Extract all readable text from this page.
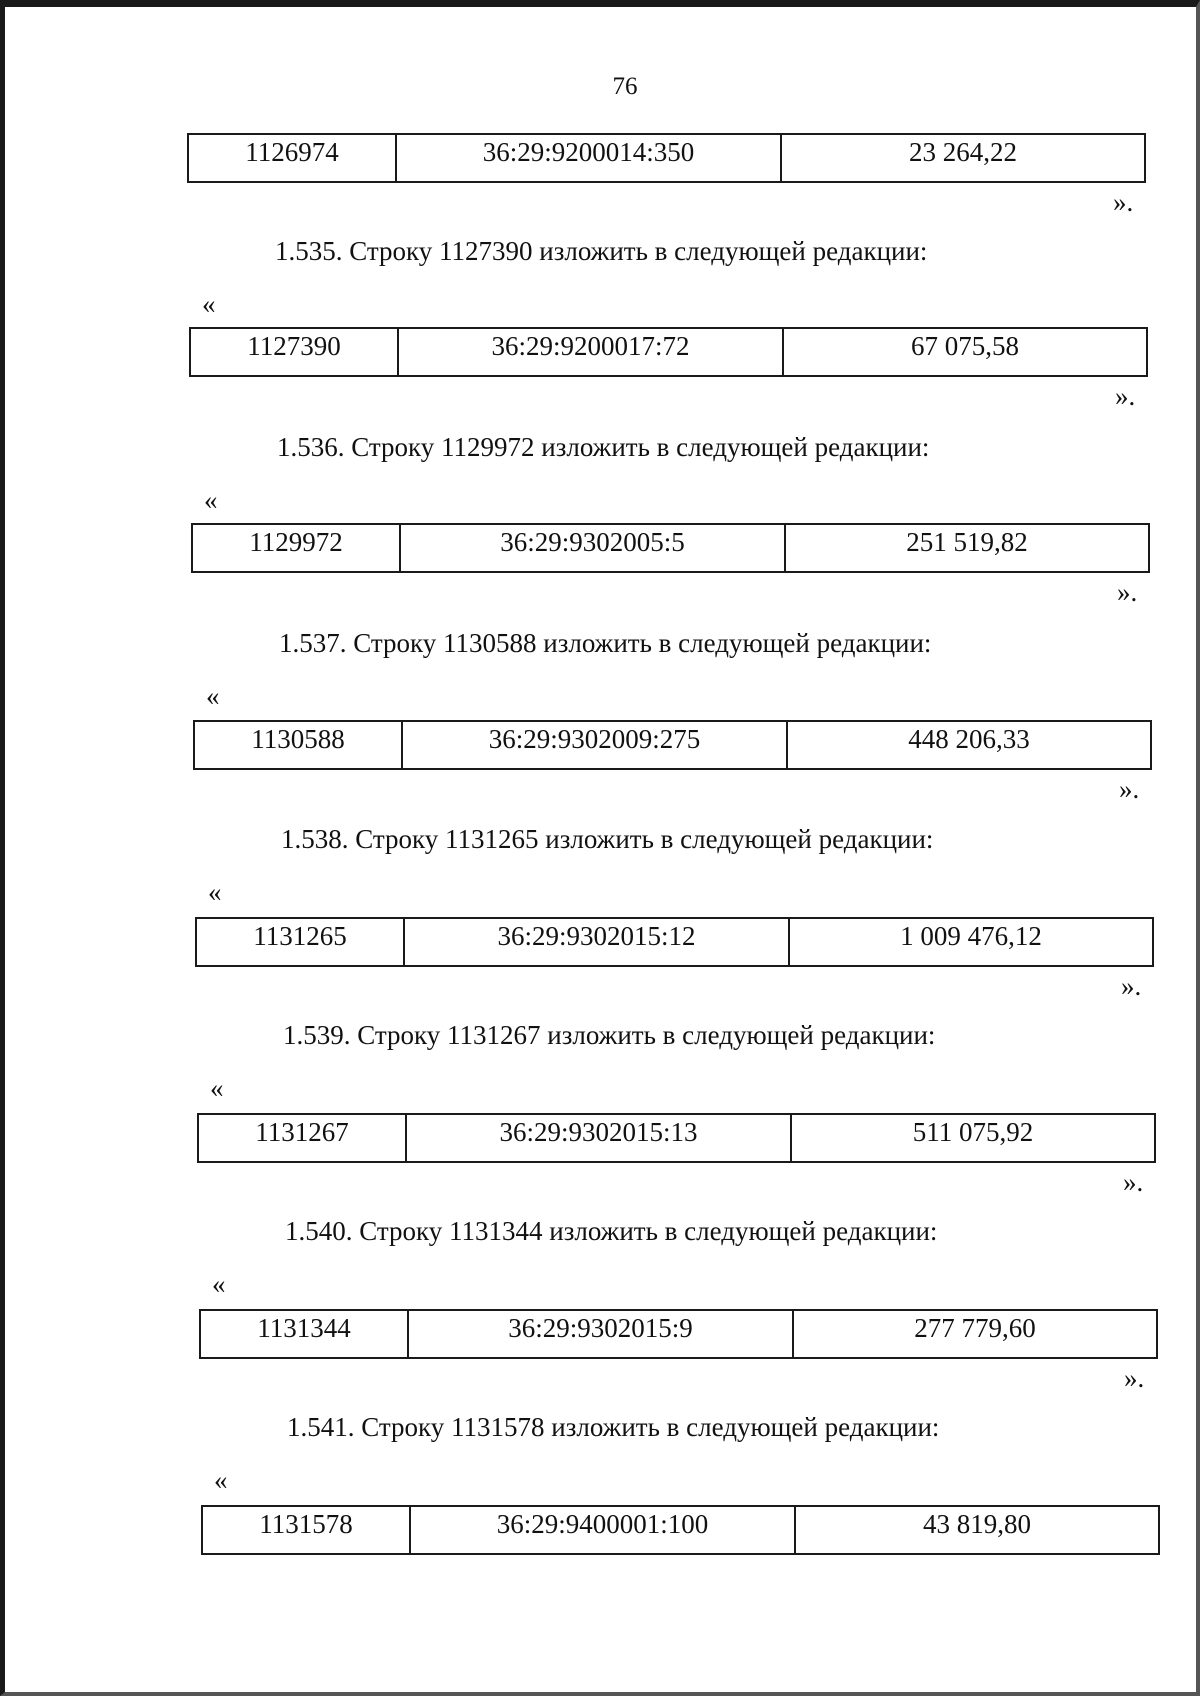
76
1126974	36:29:9200014:350	23 264,22
».
1.535. Строку 1127390 изложить в следующей редакции:
«
1127390	36:29:9200017:72	67 075,58
».
1.536. Строку 1129972 изложить в следующей редакции:
«
1129972	36:29:9302005:5	251 519,82
».
1.537. Строку 1130588 изложить в следующей редакции:
«
1130588	36:29:9302009:275	448 206,33
».
1.538. Строку 1131265 изложить в следующей редакции:
«
1131265	36:29:9302015:12	1 009 476,12
».
1.539. Строку 1131267 изложить в следующей редакции:
«
1131267	36:29:9302015:13	511 075,92
».
1.540. Строку 1131344 изложить в следующей редакции:
«
1131344	36:29:9302015:9	277 779,60
».
1.541. Строку 1131578 изложить в следующей редакции:
«
1131578	36:29:9400001:100	43 819,80
